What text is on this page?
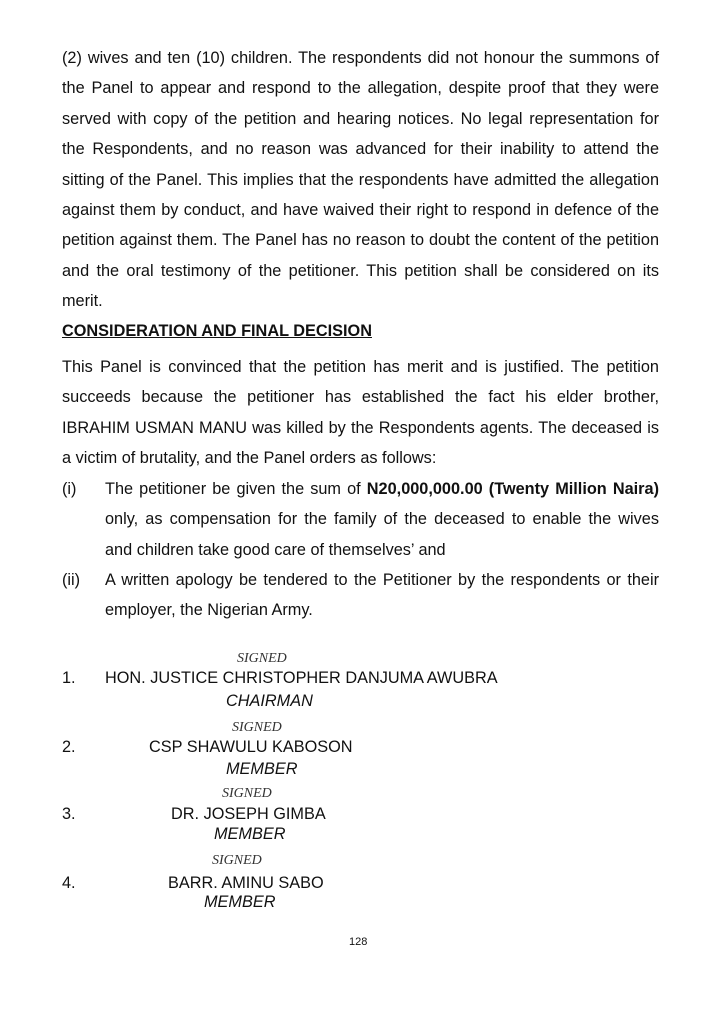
(2) wives and ten (10) children. The respondents did not honour the summons of the Panel to appear and respond to the allegation, despite proof that they were served with copy of the petition and hearing notices. No legal representation for the Respondents, and no reason was advanced for their inability to attend the sitting of the Panel. This implies that the respondents have admitted the allegation against them by conduct, and have waived their right to respond in defence of the petition against them. The Panel has no reason to doubt the content of the petition and the oral testimony of the petitioner. This petition shall be considered on its merit.
CONSIDERATION AND FINAL DECISION
This Panel is convinced that the petition has merit and is justified. The petition succeeds because the petitioner has established the fact his elder brother, IBRAHIM USMAN MANU was killed by the Respondents agents. The deceased is a victim of brutality, and the Panel orders as follows:
(i) The petitioner be given the sum of N20,000,000.00 (Twenty Million Naira) only, as compensation for the family of the deceased to enable the wives and children take good care of themselves’ and
(ii) A written apology be tendered to the Petitioner by the respondents or their employer, the Nigerian Army.
SIGNED
1. HON. JUSTICE CHRISTOPHER DANJUMA AWUBRA
CHAIRMAN
SIGNED
2.	CSP SHAWULU KABOSON
MEMBER
SIGNED
3.	DR. JOSEPH GIMBA
MEMBER
SIGNED
4.	BARR. AMINU SABO
MEMBER
128
